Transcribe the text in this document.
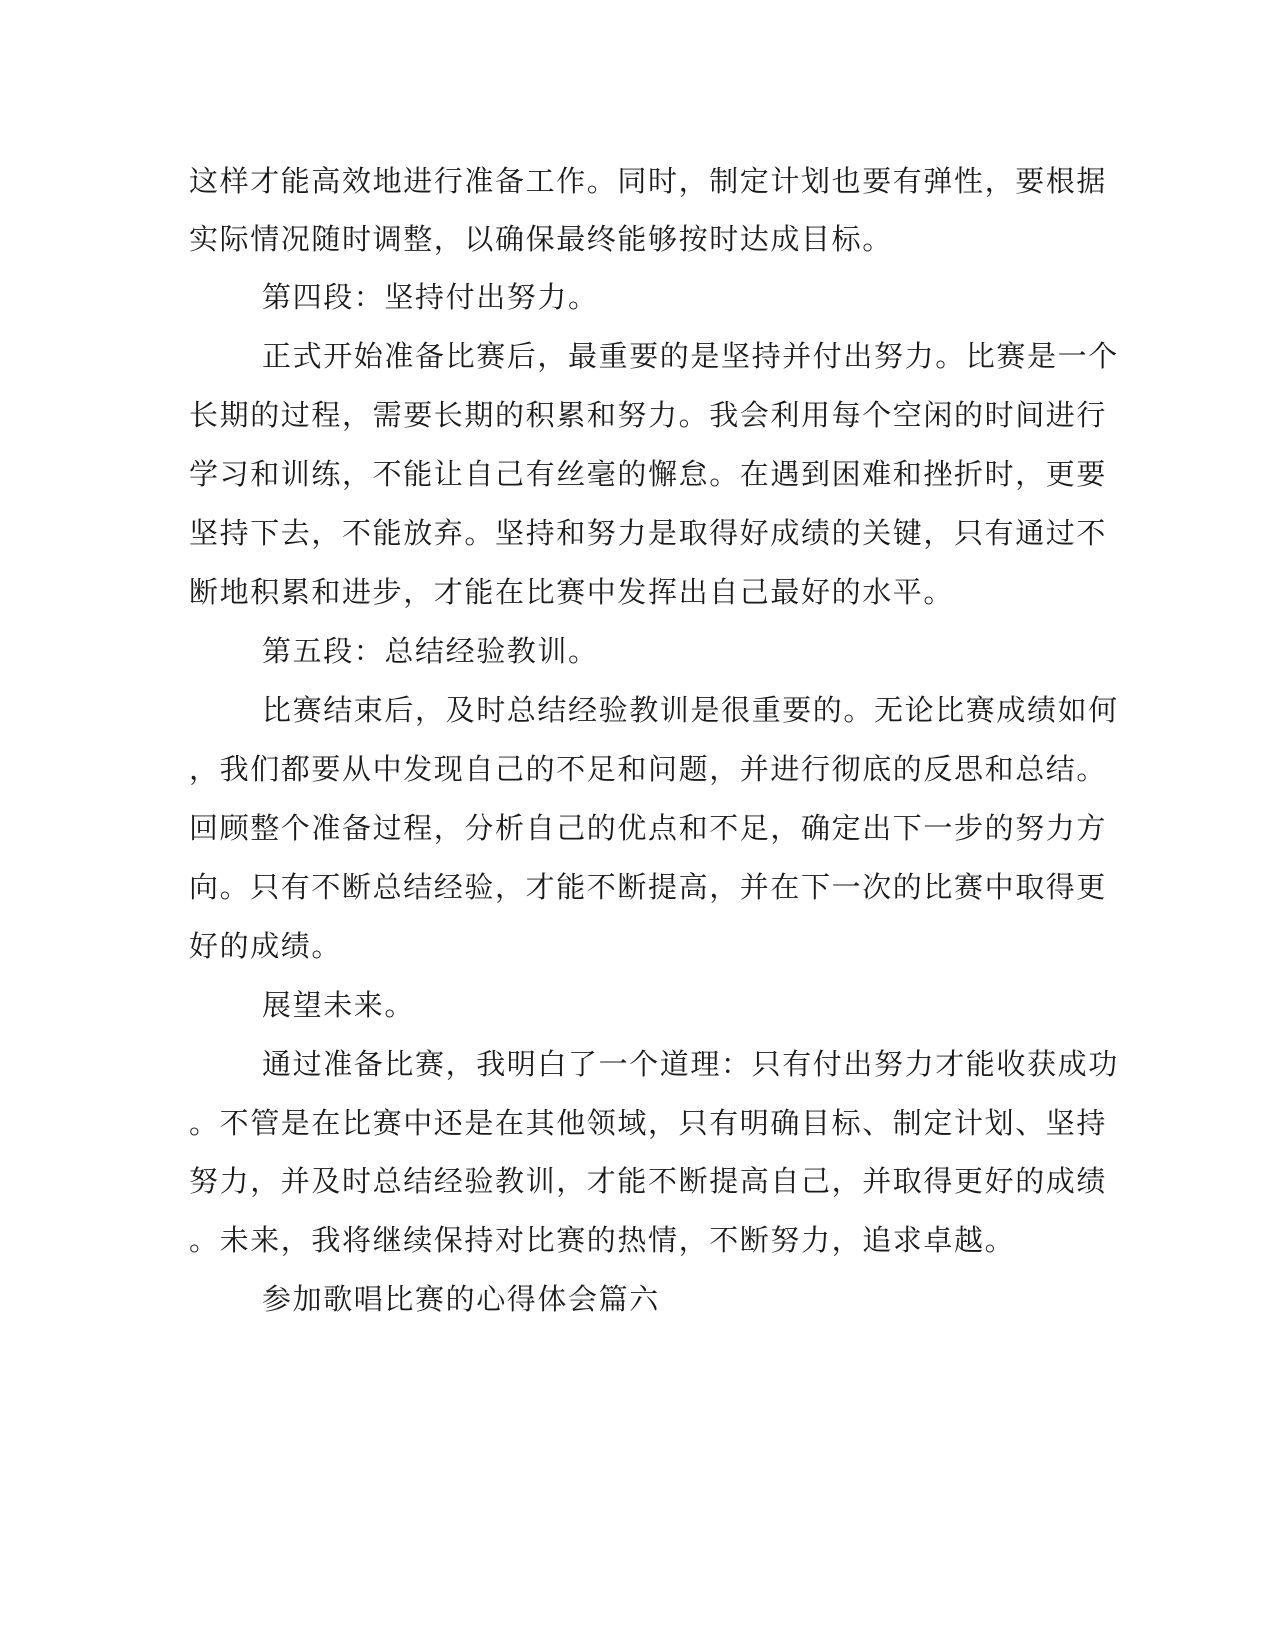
这样才能高效地进行准备工作。同时，制定计划也要有弹性，要根据
实际情况随时调整，以确保最终能够按时达成目标。
第四段：坚持付出努力。
正式开始准备比赛后，最重要的是坚持并付出努力。比赛是一个
长期的过程，需要长期的积累和努力。我会利用每个空闲的时间进行
学习和训练，不能让自己有丝毫的懈怠。在遇到困难和挫折时，更要
坚持下去，不能放弃。坚持和努力是取得好成绩的关键，只有通过不
断地积累和进步，才能在比赛中发挥出自己最好的水平。
第五段：总结经验教训。
比赛结束后，及时总结经验教训是很重要的。无论比赛成绩如何
，我们都要从中发现自己的不足和问题，并进行彻底的反思和总结。
回顾整个准备过程，分析自己的优点和不足，确定出下一步的努力方
向。只有不断总结经验，才能不断提高，并在下一次的比赛中取得更
好的成绩。
展望未来。
通过准备比赛，我明白了一个道理：只有付出努力才能收获成功
。不管是在比赛中还是在其他领域，只有明确目标、制定计划、坚持
努力，并及时总结经验教训，才能不断提高自己，并取得更好的成绩
。未来，我将继续保持对比赛的热情，不断努力，追求卓越。
参加歌唱比赛的心得体会篇六
